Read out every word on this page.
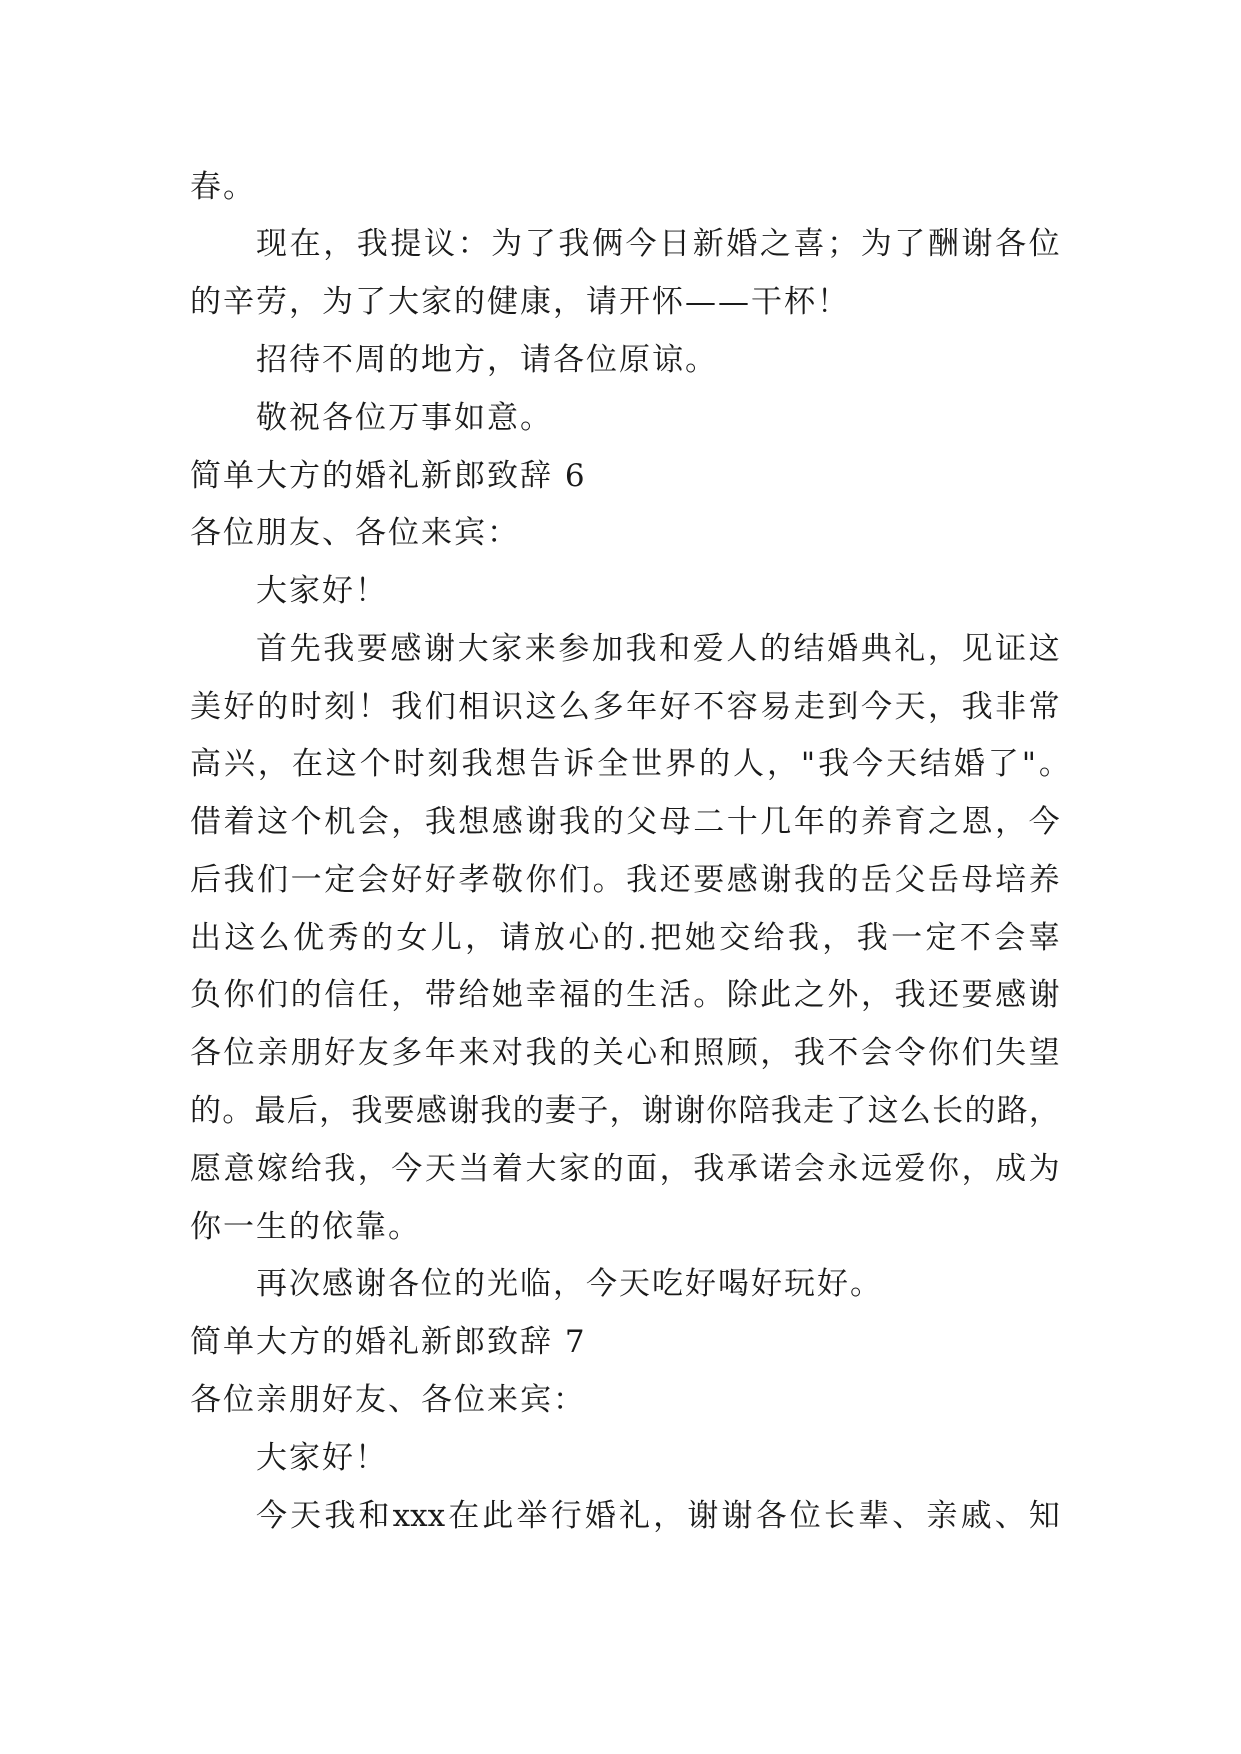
春。
现 在 ， 我 提 议 ： 为 了 我 俩 今 日 新 婚 之 喜 ； 为 了 酬 谢 各 位
的辛劳，为了大家的健康，请开怀——干杯！
招待不周的地方，请各位原谅。
敬祝各位万事如意。
简单大方的婚礼新郎致辞 6
各位朋友、各位来宾：
大家好！
首 先 我 要 感 谢 大 家 来 参 加 我 和 爱 人 的 结 婚 典 礼 ， 见 证 这
美 好 的 时 刻 ！ 我 们 相 识 这 么 多 年 好 不 容 易 走 到 今 天 ， 我 非 常
高 兴 ， 在 这 个 时 刻 我 想 告 诉 全 世 界 的 人 ， " 我 今 天 结 婚 了 " 。
借 着 这 个 机 会 ， 我 想 感 谢 我 的 父 母 二 十 几 年 的 养 育 之 恩 ， 今
后 我 们 一 定 会 好 好 孝 敬 你 们 。 我 还 要 感 谢 我 的 岳 父 岳 母 培 养
出 这 么 优 秀 的 女 儿 ， 请 放 心 的 . 把 她 交 给 我 ， 我 一 定 不 会 辜
负 你 们 的 信 任 ， 带 给 她 幸 福 的 生 活 。 除 此 之 外 ， 我 还 要 感 谢
各 位 亲 朋 好 友 多 年 来 对 我 的 关 心 和 照 顾 ， 我 不 会 令 你 们 失 望
的 。 最 后 ， 我 要 感 谢 我 的 妻 子 ， 谢 谢 你 陪 我 走 了 这 么 长 的 路 ，
愿 意 嫁 给 我 ， 今 天 当 着 大 家 的 面 ， 我 承 诺 会 永 远 爱 你 ， 成 为
你一生的依靠。
再次感谢各位的光临，今天吃好喝好玩好。
简单大方的婚礼新郎致辞 7
各位亲朋好友、各位来宾：
大家好！
今 天 我 和 xxx 在 此 举 行 婚 礼 ， 谢 谢 各 位 长 辈 、 亲 戚 、 知
